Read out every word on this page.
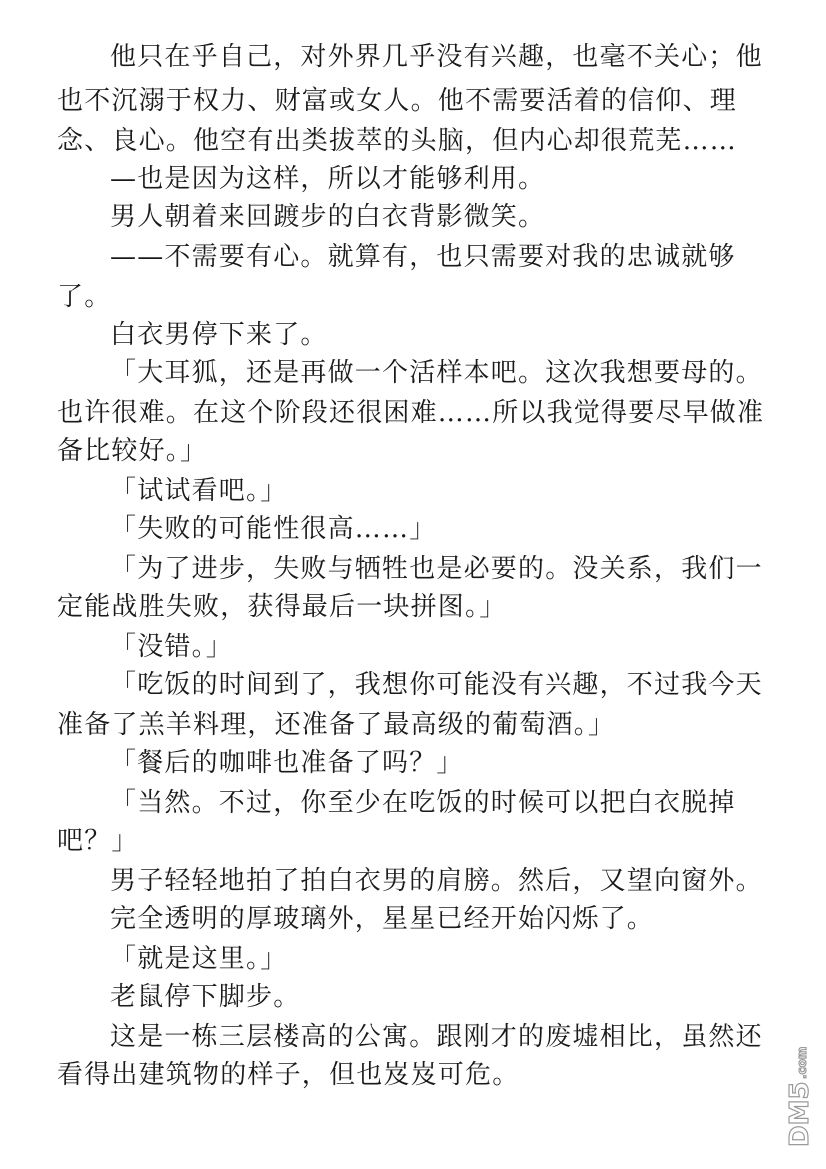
他只在乎自己，对外界几乎没有兴趣，也毫不关心；他
也不沉溺于权力、财富或女人。他不需要活着的信仰、理
念、良心。他空有出类拔萃的头脑，但内心却很荒芜……
—也是因为这样，所以才能够利用。
男人朝着来回踱步的白衣背影微笑。
——不需要有心。就算有，也只需要对我的忠诚就够
了。
白衣男停下来了。
「大耳狐，还是再做一个活样本吧。这次我想要母的。
也许很难。在这个阶段还很困难……所以我觉得要尽早做准
备比较好。」
「试试看吧。」
「失败的可能性很高……」
「为了进步，失败与牺牲也是必要的。没关系，我们一
定能战胜失败，获得最后一块拼图。」
「没错。」
「吃饭的时间到了，我想你可能没有兴趣，不过我今天
准备了羔羊料理，还准备了最高级的葡萄酒。」
「餐后的咖啡也准备了吗？」
「当然。不过，你至少在吃饭的时候可以把白衣脱掉
吧？」
男子轻轻地拍了拍白衣男的肩膀。然后，又望向窗外。
完全透明的厚玻璃外，星星已经开始闪烁了。
「就是这里。」
老鼠停下脚步。
这是一栋三层楼高的公寓。跟刚才的废墟相比，虽然还
看得出建筑物的样子，但也岌岌可危。
DM5
.com
